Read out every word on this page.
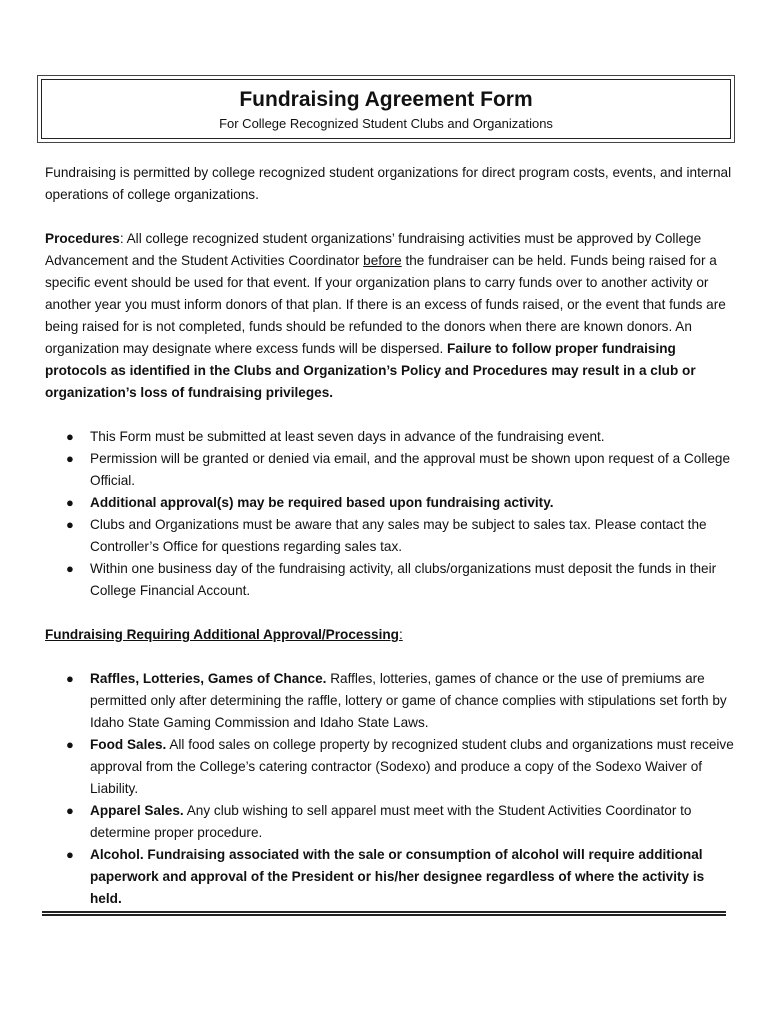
Fundraising Agreement Form
For College Recognized Student Clubs and Organizations

Fundraising is permitted by college recognized student organizations for direct program costs, events, and internal operations of college organizations.

Procedures: All college recognized student organizations’ fundraising activities must be approved by College Advancement and the Student Activities Coordinator before the fundraiser can be held. Funds being raised for a specific event should be used for that event. If your organization plans to carry funds over to another activity or another year you must inform donors of that plan. If there is an excess of funds raised, or the event that funds are being raised for is not completed, funds should be refunded to the donors when there are known donors. An organization may designate where excess funds will be dispersed. Failure to follow proper fundraising protocols as identified in the Clubs and Organization’s Policy and Procedures may result in a club or organization’s loss of fundraising privileges.

● This Form must be submitted at least seven days in advance of the fundraising event.
● Permission will be granted or denied via email, and the approval must be shown upon request of a College Official.
● Additional approval(s) may be required based upon fundraising activity.
● Clubs and Organizations must be aware that any sales may be subject to sales tax. Please contact the Controller’s Office for questions regarding sales tax.
● Within one business day of the fundraising activity, all clubs/organizations must deposit the funds in their College Financial Account.

Fundraising Requiring Additional Approval/Processing:

● Raffles, Lotteries, Games of Chance. Raffles, lotteries, games of chance or the use of premiums are permitted only after determining the raffle, lottery or game of chance complies with stipulations set forth by Idaho State Gaming Commission and Idaho State Laws.
● Food Sales. All food sales on college property by recognized student clubs and organizations must receive approval from the College’s catering contractor (Sodexo) and produce a copy of the Sodexo Waiver of Liability.
● Apparel Sales. Any club wishing to sell apparel must meet with the Student Activities Coordinator to determine proper procedure.
● Alcohol. Fundraising associated with the sale or consumption of alcohol will require additional paperwork and approval of the President or his/her designee regardless of where the activity is held.
